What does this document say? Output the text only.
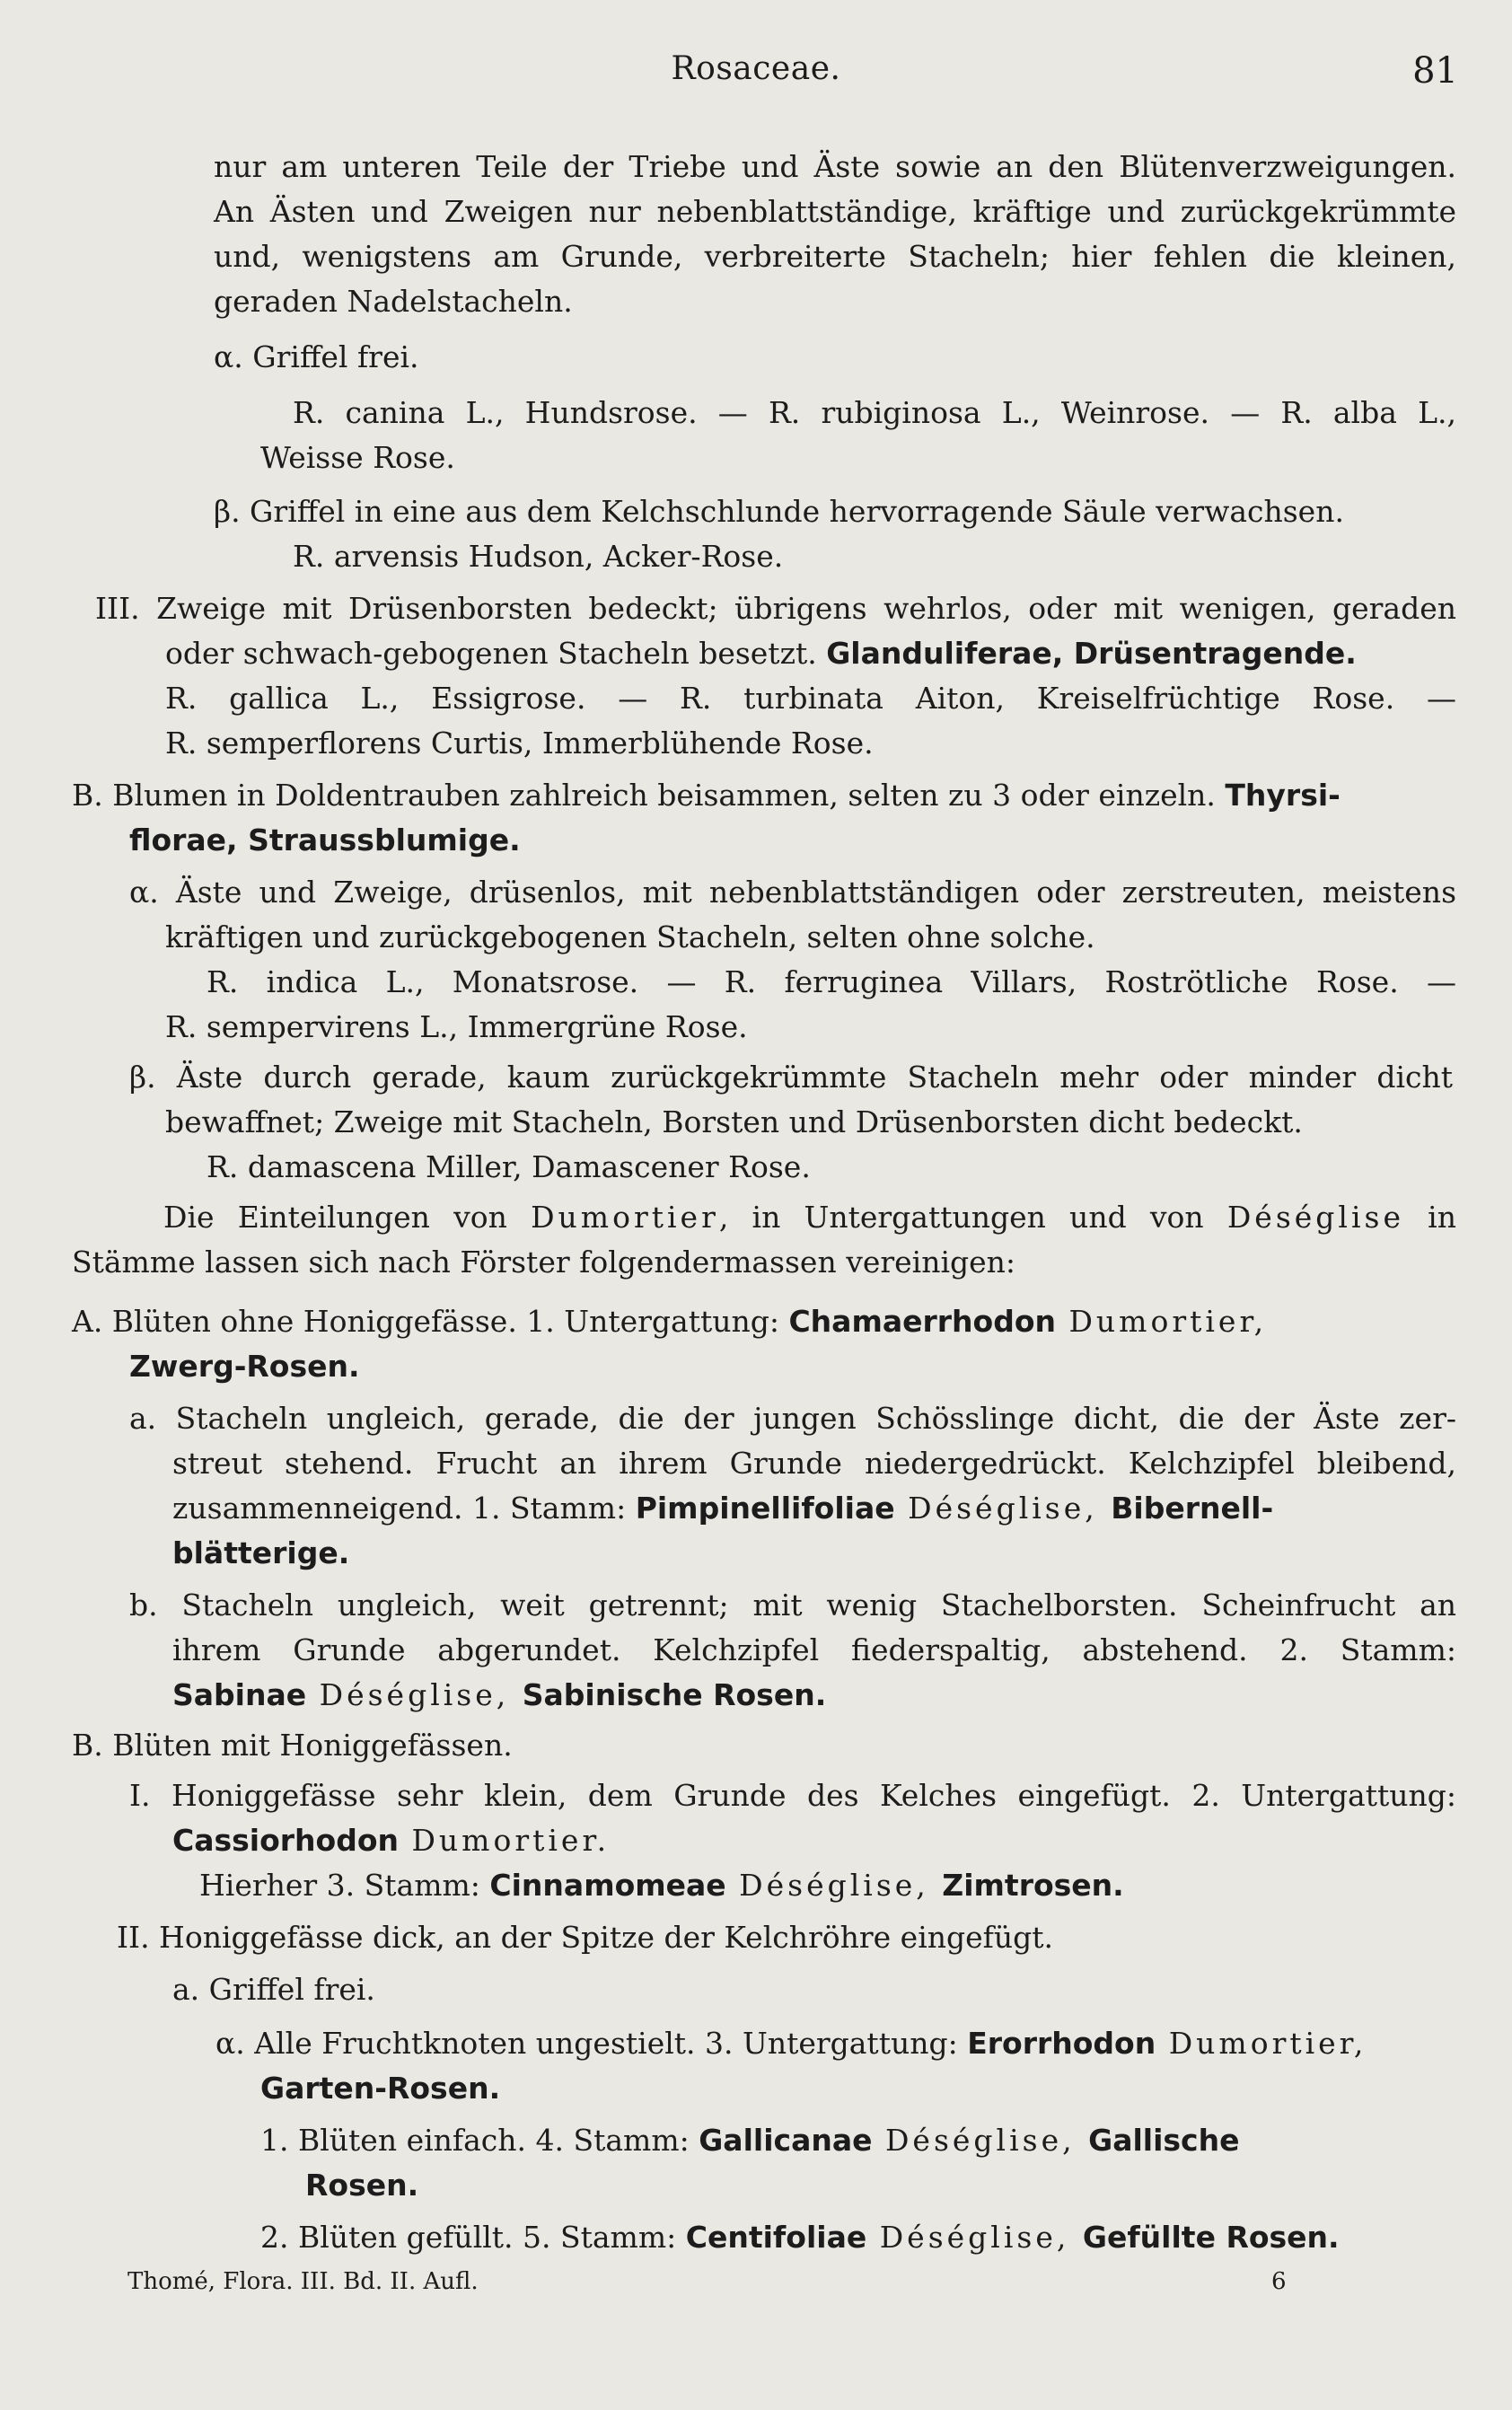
Rosaceae.	81
nur am unteren Teile der Triebe und Äste sowie an den Blütenverzweigungen.
An Ästen und Zweigen nur nebenblattständige, kräftige und zurückgekrümmte
und, wenigstens am Grunde, verbreiterte Stacheln; hier fehlen die kleinen,
geraden Nadelstacheln.
α. Griffel frei.
R. canina L., Hundsrose. — R. rubiginosa L., Weinrose. — R. alba L.,
Weisse Rose.
β. Griffel in eine aus dem Kelchschlunde hervorragende Säule verwachsen.
R. arvensis Hudson, Acker-Rose.
III. Zweige mit Drüsenborsten bedeckt; übrigens wehrlos, oder mit wenigen, geraden
oder schwach-gebogenen Stacheln besetzt. Glanduliferae, Drüsentragende.
R. gallica L., Essigrose. — R. turbinata Aiton, Kreiselfrüchtige Rose. —
R. semperflorens Curtis, Immerblühende Rose.
B. Blumen in Doldentrauben zahlreich beisammen, selten zu 3 oder einzeln. Thyrsi-
florae, Straussblumige.
α. Äste und Zweige, drüsenlos, mit nebenblattständigen oder zerstreuten, meistens
kräftigen und zurückgebogenen Stacheln, selten ohne solche.
R. indica L., Monatsrose. — R. ferruginea Villars, Roströtliche Rose. —
R. sempervirens L., Immergrüne Rose.
β. Äste durch gerade, kaum zurückgekrümmte Stacheln mehr oder minder dicht
bewaffnet; Zweige mit Stacheln, Borsten und Drüsenborsten dicht bedeckt.
R. damascena Miller, Damascener Rose.
Die Einteilungen von Dumortier, in Untergattungen und von Déséglise in
Stämme lassen sich nach Förster folgendermassen vereinigen:
A. Blüten ohne Honiggefässe. 1. Untergattung: Chamaerrhodon Dumortier,
Zwerg-Rosen.
a. Stacheln ungleich, gerade, die der jungen Schösslinge dicht, die der Äste zer-
streut stehend. Frucht an ihrem Grunde niedergedrückt. Kelchzipfel bleibend,
zusammenneigend. 1. Stamm: Pimpinellifoliae Déséglise, Bibernell-
blätterige.
b. Stacheln ungleich, weit getrennt; mit wenig Stachelborsten. Scheinfrucht an
ihrem Grunde abgerundet. Kelchzipfel fiederspaltig, abstehend. 2. Stamm:
Sabinae Déséglise, Sabinische Rosen.
B. Blüten mit Honiggefässen.
I. Honiggefässe sehr klein, dem Grunde des Kelches eingefügt. 2. Untergattung:
Cassiorhodon Dumortier.
Hierher 3. Stamm: Cinnamomeae Déséglise, Zimtrosen.
II. Honiggefässe dick, an der Spitze der Kelchröhre eingefügt.
a. Griffel frei.
α. Alle Fruchtknoten ungestielt. 3. Untergattung: Erorrhodon Dumortier,
Garten-Rosen.
1. Blüten einfach. 4. Stamm: Gallicanae Déséglise, Gallische
Rosen.
2. Blüten gefüllt. 5. Stamm: Centifoliae Déséglise, Gefüllte Rosen.
Thomé, Flora. III. Bd. II. Aufl.	6
